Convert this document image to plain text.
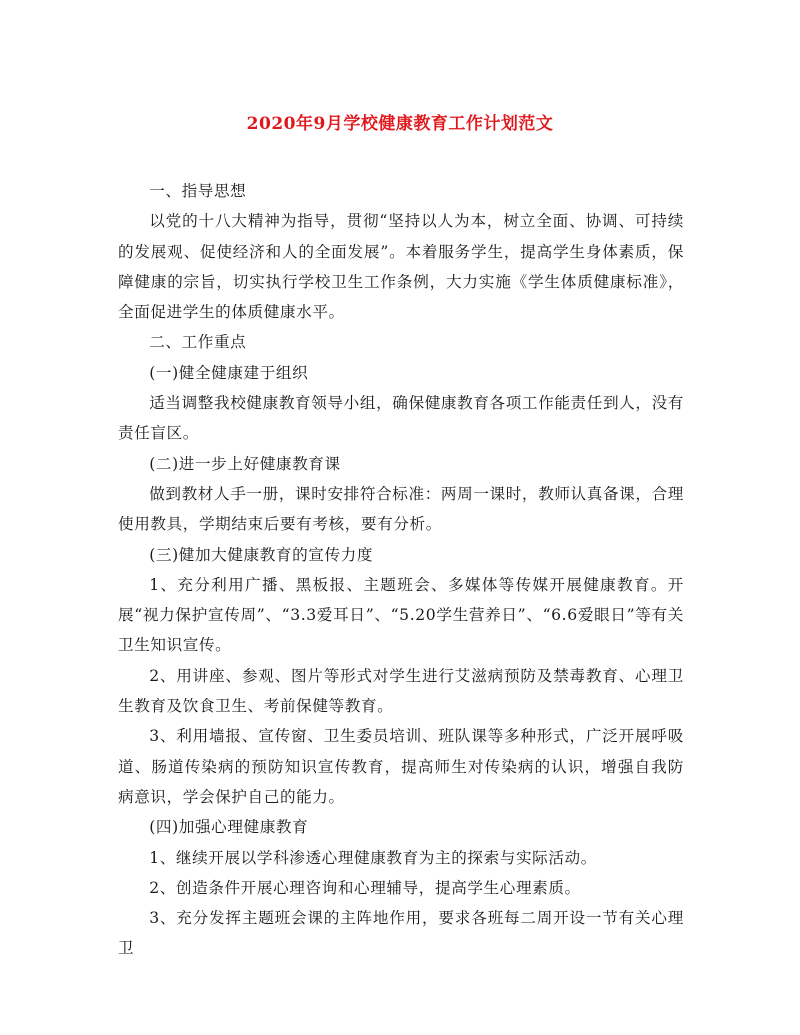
2020年9月学校健康教育工作计划范文

一、指导思想

以党的十八大精神为指导，贯彻“坚持以人为本，树立全面、协调、可持续的发展观、促使经济和人的全面发展”。本着服务学生，提高学生身体素质，保障健康的宗旨，切实执行学校卫生工作条例，大力实施《学生体质健康标准》，全面促进学生的体质健康水平。

二、工作重点

(一)健全健康建于组织

适当调整我校健康教育领导小组，确保健康教育各项工作能责任到人，没有责任盲区。

(二)进一步上好健康教育课

做到教材人手一册，课时安排符合标准：两周一课时，教师认真备课，合理使用教具，学期结束后要有考核，要有分析。

(三)健加大健康教育的宣传力度

1、充分利用广播、黑板报、主题班会、多媒体等传媒开展健康教育。开展“视力保护宣传周”、“3.3爱耳日”、“5.20学生营养日”、“6.6爱眼日”等有关卫生知识宣传。

2、用讲座、参观、图片等形式对学生进行艾滋病预防及禁毒教育、心理卫生教育及饮食卫生、考前保健等教育。

3、利用墙报、宣传窗、卫生委员培训、班队课等多种形式，广泛开展呼吸道、肠道传染病的预防知识宣传教育，提高师生对传染病的认识，增强自我防病意识，学会保护自己的能力。

(四)加强心理健康教育

1、继续开展以学科渗透心理健康教育为主的探索与实际活动。

2、创造条件开展心理咨询和心理辅导，提高学生心理素质。

3、充分发挥主题班会课的主阵地作用，要求各班每二周开设一节有关心理卫
